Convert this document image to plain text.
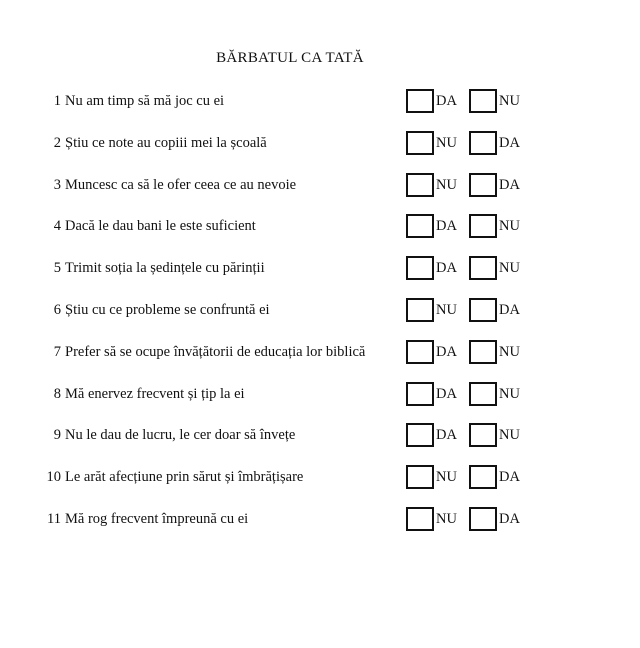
BĂRBATUL CA TATĂ
1 Nu am timp să mă joc cu ei	DA	NU
2 Știu ce note au copiii mei la școală	NU	DA
3 Muncesc ca să le ofer ceea ce au nevoie	NU	DA
4 Dacă le dau bani le este suficient	DA	NU
5 Trimit soția la ședințele cu părinții	DA	NU
6 Știu cu ce probleme se confruntă ei	NU	DA
7 Prefer să se ocupe învățătorii de educația lor biblică	DA	NU
8 Mă enervez frecvent și țip la ei	DA	NU
9 Nu le dau de lucru, le cer doar să învețe	DA	NU
10 Le arăt afecțiune prin sărut și îmbrățișare	NU	DA
11 Mă rog frecvent împreună cu ei	NU	DA
